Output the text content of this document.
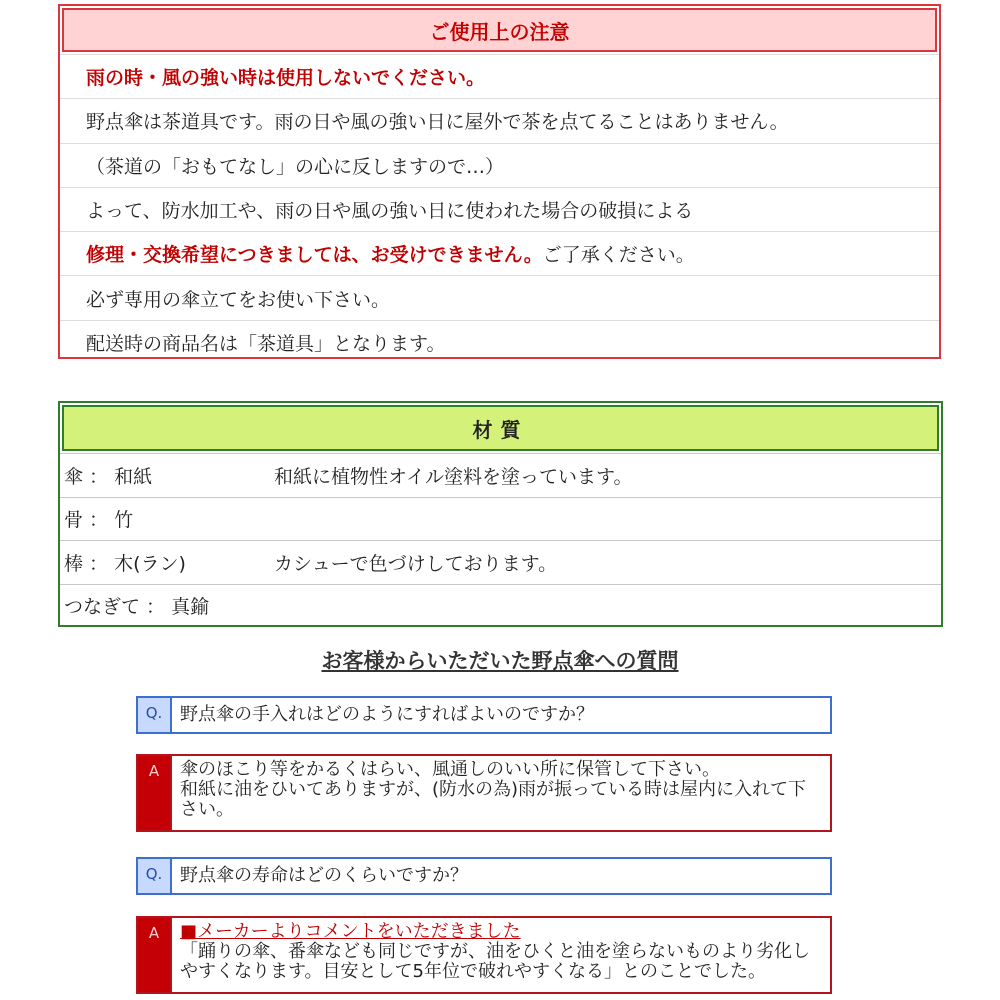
ご使用上の注意
雨の時・風の強い時は使用しないでください。
野点傘は茶道具です。雨の日や風の強い日に屋外で茶を点てることはありません。
（茶道の「おもてなし」の心に反しますので…）
よって、防水加工や、雨の日や風の強い日に使われた場合の破損による
修理・交換希望につきましては、お受けできません。 ご了承ください。
必ず専用の傘立てをお使い下さい。
配送時の商品名は「茶道具」となります。
材質
傘 ： 和紙	和紙に植物性オイル塗料を塗っています。
骨 ： 竹
棒 ： 木(ラン)	カシューで色づけしております。
つなぎて ： 真鍮
お客様からいただいた野点傘への質問
Q. 野点傘の手入れはどのようにすればよいのですか？
A	傘のほこり等をかるくはらい、風通しのいい所に保管して下さい。
和紙に油をひいてありますが、(防水の為)雨が振っている時は屋内に入れて下さい。
Q. 野点傘の寿命はどのくらいですか？
A	■メーカーよりコメントをいただきました
「踊りの傘、番傘なども同じですが、油をひくと油を塗らないものより劣化しやすくなります。目安として5年位で破れやすくなる」とのことでした。
